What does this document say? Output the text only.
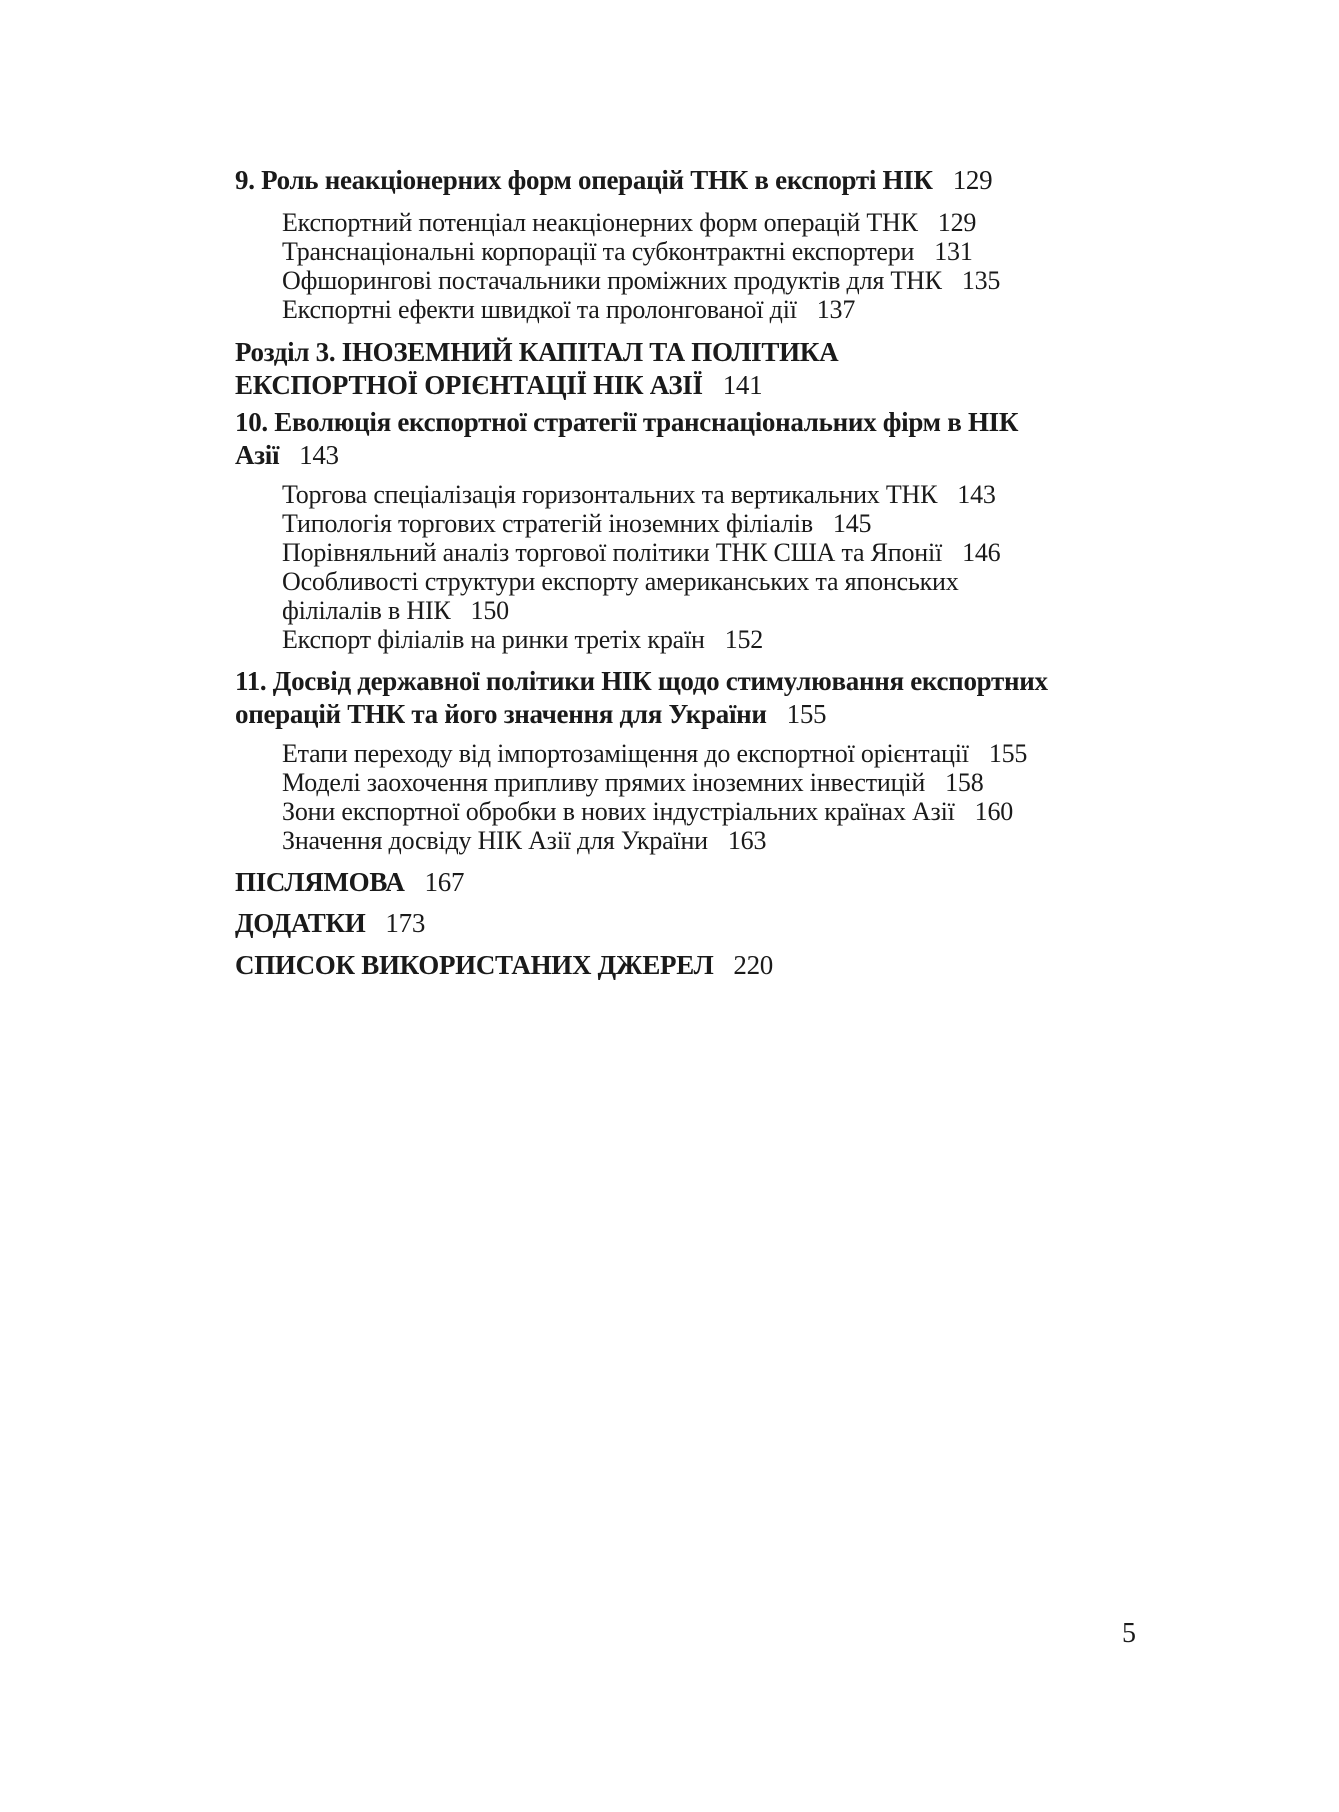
9. Роль неакціонерних форм операцій ТНК в експорті НІК 129
Експортний потенціал неакціонерних форм операцій ТНК 129
Транснаціональні корпорації та субконтрактні експортери 131
Офшорингові постачальники проміжних продуктів для ТНК 135
Експортні ефекти швидкої та пролонгованої дії 137
Розділ 3. ІНОЗЕМНИЙ КАПІТАЛ ТА ПОЛІТИКА
ЕКСПОРТНОЇ ОРІЄНТАЦІЇ НІК АЗІЇ 141
10. Еволюція експортної стратегії транснаціональних фірм в НІК
Азії 143
Торгова спеціалізація горизонтальних та вертикальних ТНК 143
Типологія торгових стратегій іноземних філіалів 145
Порівняльний аналіз торгової політики ТНК США та Японії 146
Особливості структури експорту американських та японських
філілалів в НІК 150
Експорт філіалів на ринки третіх країн 152
11. Досвід державної політики НІК щодо стимулювання експортних
операцій ТНК та його значення для України 155
Етапи переходу від імпортозаміщення до експортної орієнтації 155
Моделі заохочення припливу прямих іноземних інвестицій 158
Зони експортної обробки в нових індустріальних країнах Азії 160
Значення досвіду НІК Азії для України 163
ПІСЛЯМОВА 167
ДОДАТКИ 173
СПИСОК ВИКОРИСТАНИХ ДЖЕРЕЛ 220
5
